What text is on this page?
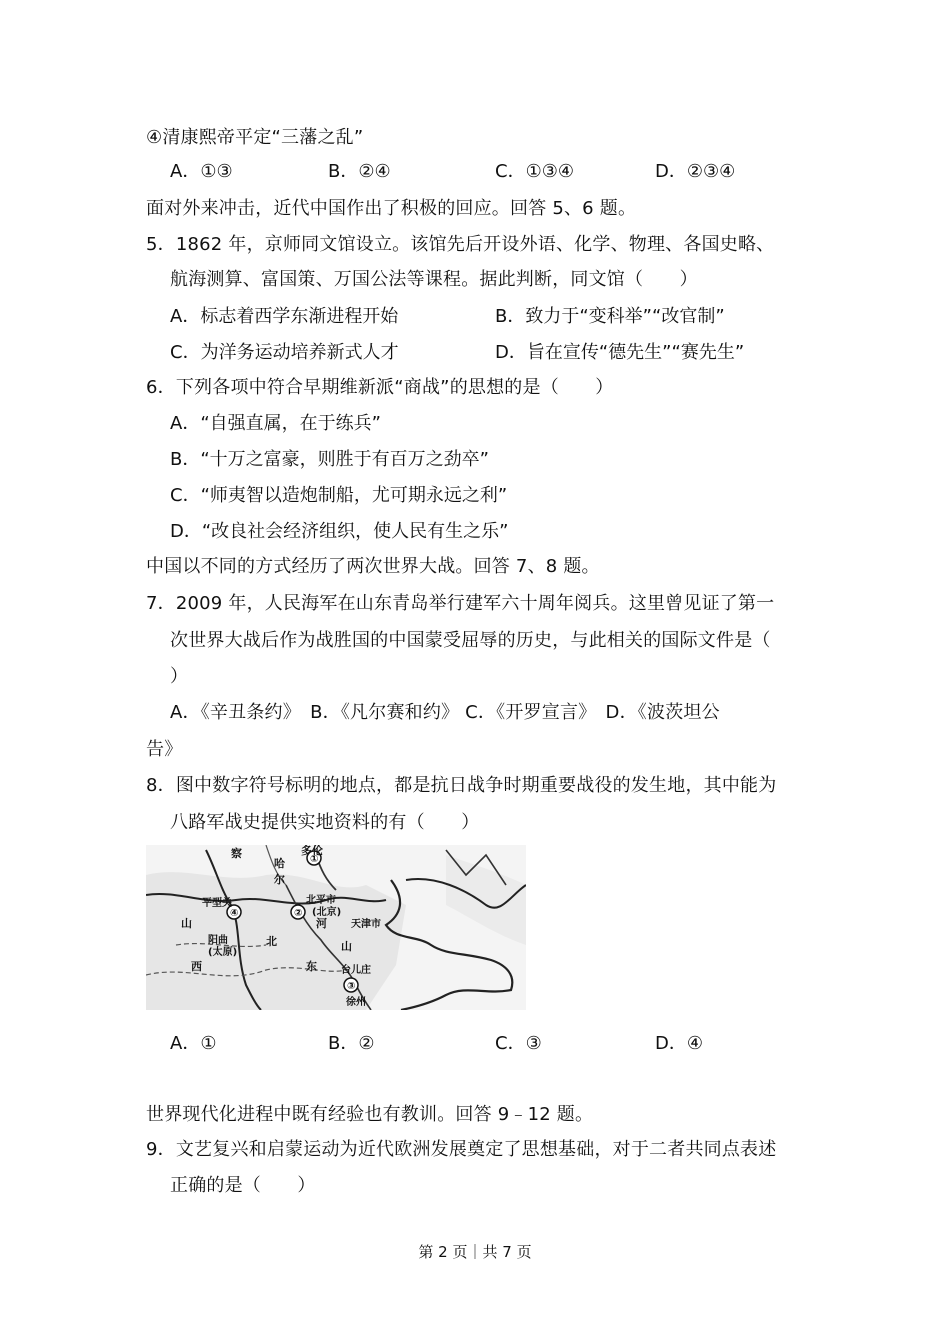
④清康熙帝平定“三藩之乱”
A．①③	B．②④	C．①③④	D．②③④
面对外来冲击，近代中国作出了积极的回应。回答 5、6 题。
5．1862 年，京师同文馆设立。该馆先后开设外语、化学、物理、各国史略、
航海测算、富国策、万国公法等课程。据此判断，同文馆（　　）
A．标志着西学东渐进程开始	B．致力于“变科举”“改官制”
C．为洋务运动培养新式人才	D．旨在宣传“德先生”“赛先生”
6．下列各项中符合早期维新派“商战”的思想的是（　　）
A．“自强直属，在于练兵”
B．“十万之富豪，则胜于有百万之劲卒”
C．“师夷智以造炮制船，尤可期永远之利”
D．“改良社会经济组织，使人民有生之乐”
中国以不同的方式经历了两次世界大战。回答 7、8 题。
7．2009 年，人民海军在山东青岛举行建军六十周年阅兵。这里曾见证了第一
次世界大战后作为战胜国的中国蒙受屈辱的历史，与此相关的国际文件是（
）
A．《辛丑条约》　B．《凡尔赛和约》 C．《开罗宣言》　D．《波茨坦公
告》
8．图中数字符号标明的地点，都是抗日战争时期重要战役的发生地，其中能为
八路军战史提供实地资料的有（　　）
察	多伦
①
哈
尔
平型关
④
北平市
(北京)
天津市
河
山
阳曲
(太原)
北
西
山
东 台儿庄
③
徐州
②
A．①	B．②	C．③	D．④
世界现代化进程中既有经验也有教训。回答 9﹣12 题。
9．文艺复兴和启蒙运动为近代欧洲发展奠定了思想基础，对于二者共同点表述
正确的是（　　）
第 2 页｜共 7 页
